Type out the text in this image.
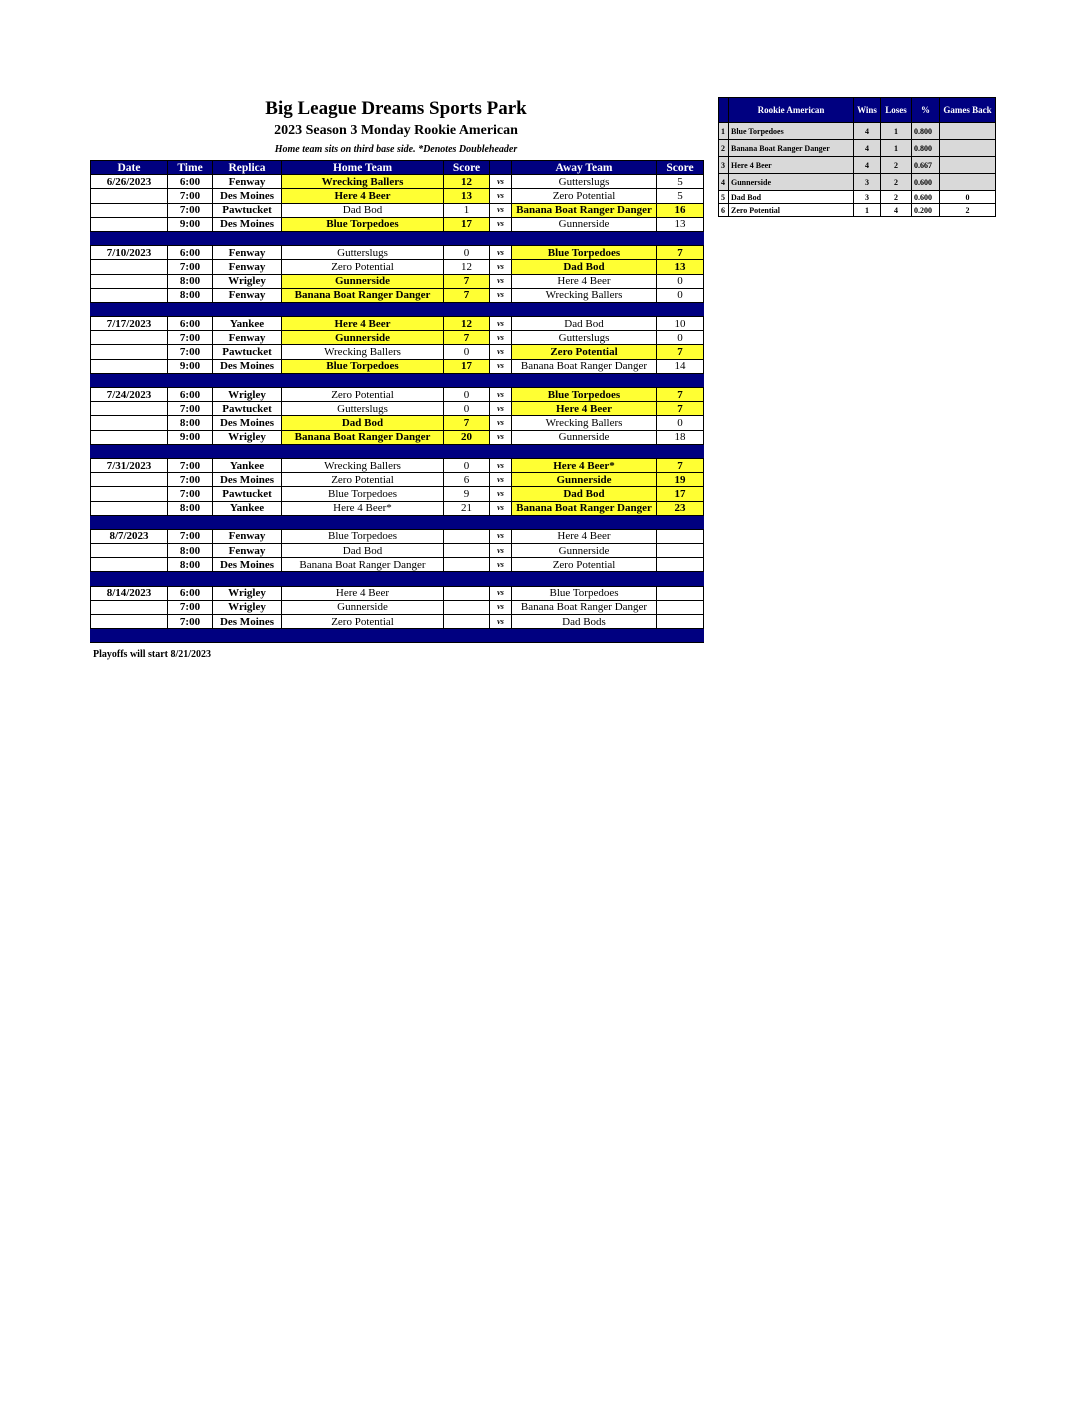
Big League Dreams Sports Park
2023 Season 3 Monday Rookie American

Home team sits on third base side. *Denotes Doubleheader

Date	Time	Replica	Home Team	Score		Away Team	Score
6/26/2023	6:00	Fenway	Wrecking Ballers	12	vs	Gutterslugs	5
	7:00	Des Moines	Here 4 Beer	13	vs	Zero Potential	5
	7:00	Pawtucket	Dad Bod	1	vs	Banana Boat Ranger Danger	16
	9:00	Des Moines	Blue Torpedoes	17	vs	Gunnerside	13

7/10/2023	6:00	Fenway	Gutterslugs	0	vs	Blue Torpedoes	7
	7:00	Fenway	Zero Potential	12	vs	Dad Bod	13
	8:00	Wrigley	Gunnerside	7	vs	Here 4 Beer	0
	8:00	Fenway	Banana Boat Ranger Danger	7	vs	Wrecking Ballers	0

7/17/2023	6:00	Yankee	Here 4 Beer	12	vs	Dad Bod	10
	7:00	Fenway	Gunnerside	7	vs	Gutterslugs	0
	7:00	Pawtucket	Wrecking Ballers	0	vs	Zero Potential	7
	9:00	Des Moines	Blue Torpedoes	17	vs	Banana Boat Ranger Danger	14

7/24/2023	6:00	Wrigley	Zero Potential	0	vs	Blue Torpedoes	7
	7:00	Pawtucket	Gutterslugs	0	vs	Here 4 Beer	7
	8:00	Des Moines	Dad Bod	7	vs	Wrecking Ballers	0
	9:00	Wrigley	Banana Boat Ranger Danger	20	vs	Gunnerside	18

7/31/2023	7:00	Yankee	Wrecking Ballers	0	vs	Here 4 Beer*	7
	7:00	Des Moines	Zero Potential	6	vs	Gunnerside	19
	7:00	Pawtucket	Blue Torpedoes	9	vs	Dad Bod	17
	8:00	Yankee	Here 4 Beer*	21	vs	Banana Boat Ranger Danger	23

8/7/2023	7:00	Fenway	Blue Torpedoes		vs	Here 4 Beer	
	8:00	Fenway	Dad Bod		vs	Gunnerside	
	8:00	Des Moines	Banana Boat Ranger Danger		vs	Zero Potential	

8/14/2023	6:00	Wrigley	Here 4 Beer		vs	Blue Torpedoes	
	7:00	Wrigley	Gunnerside		vs	Banana Boat Ranger Danger	
	7:00	Des Moines	Zero Potential		vs	Dad Bods	

Playoffs will start 8/21/2023

	Rookie American	Wins	Loses	%	Games Back
1	Blue Torpedoes	4	1	0.800	
2	Banana Boat Ranger Danger	4	1	0.800	
3	Here 4 Beer	4	2	0.667	
4	Gunnerside	3	2	0.600	
5	Dad Bod	3	2	0.600	0
6	Zero Potential	1	4	0.200	2
